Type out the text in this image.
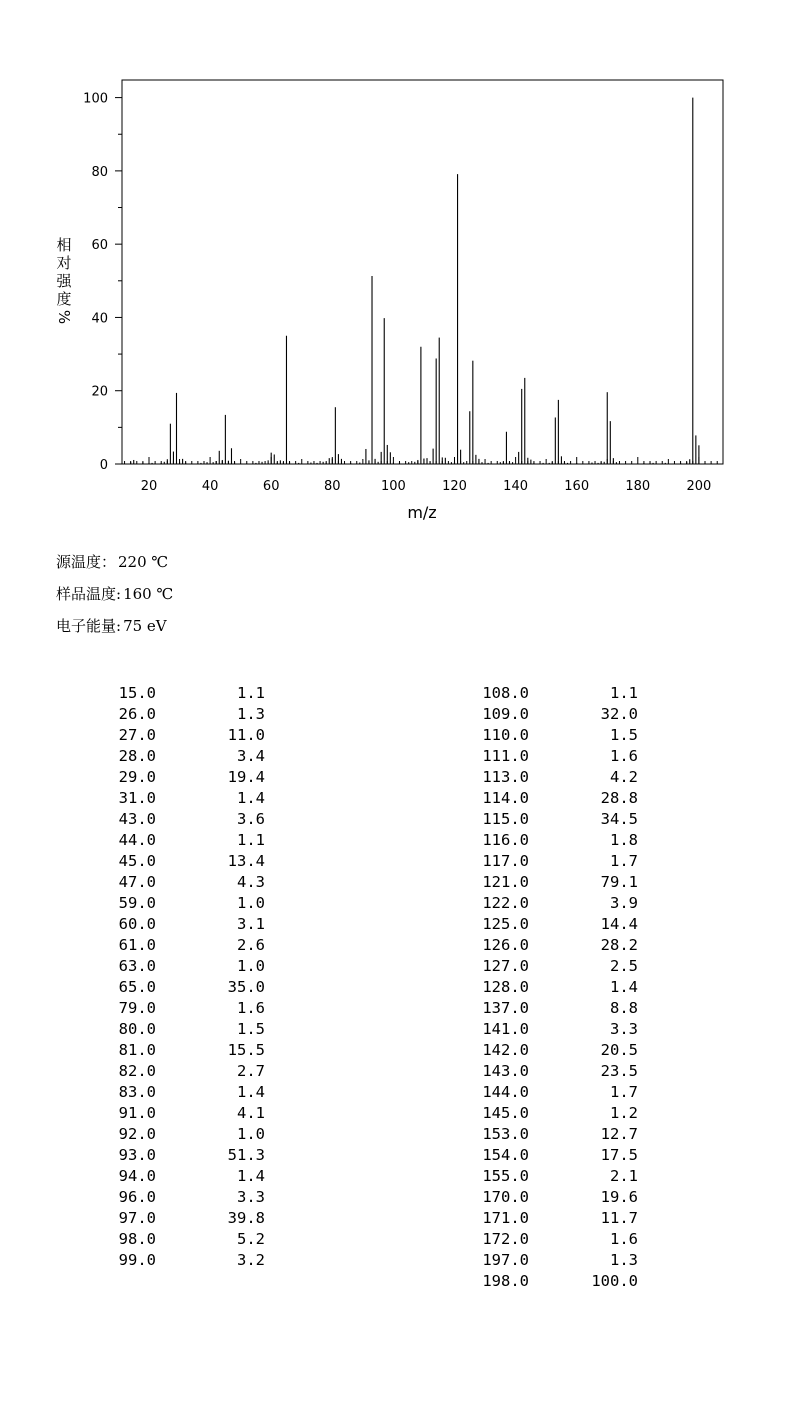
20	40	60	80	100	120	140	160	180	200
0
20
40
60
80
100
m/z
相
对
强
度
%
源温度： 220 ℃
样品温度: 160 ℃
电子能量: 75 eV
15.0	1.1
26.0	1.3
27.0	11.0
28.0	3.4
29.0	19.4
31.0	1.4
43.0	3.6
44.0	1.1
45.0	13.4
47.0	4.3
59.0	1.0
60.0	3.1
61.0	2.6
63.0	1.0
65.0	35.0
79.0	1.6
80.0	1.5
81.0	15.5
82.0	2.7
83.0	1.4
91.0	4.1
92.0	1.0
93.0	51.3
94.0	1.4
96.0	3.3
97.0	39.8
98.0	5.2
99.0	3.2
108.0	1.1
109.0	32.0
110.0	1.5
111.0	1.6
113.0	4.2
114.0	28.8
115.0	34.5
116.0	1.8
117.0	1.7
121.0	79.1
122.0	3.9
125.0	14.4
126.0	28.2
127.0	2.5
128.0	1.4
137.0	8.8
141.0	3.3
142.0	20.5
143.0	23.5
144.0	1.7
145.0	1.2
153.0	12.7
154.0	17.5
155.0	2.1
170.0	19.6
171.0	11.7
172.0	1.6
197.0	1.3
198.0	100.0
